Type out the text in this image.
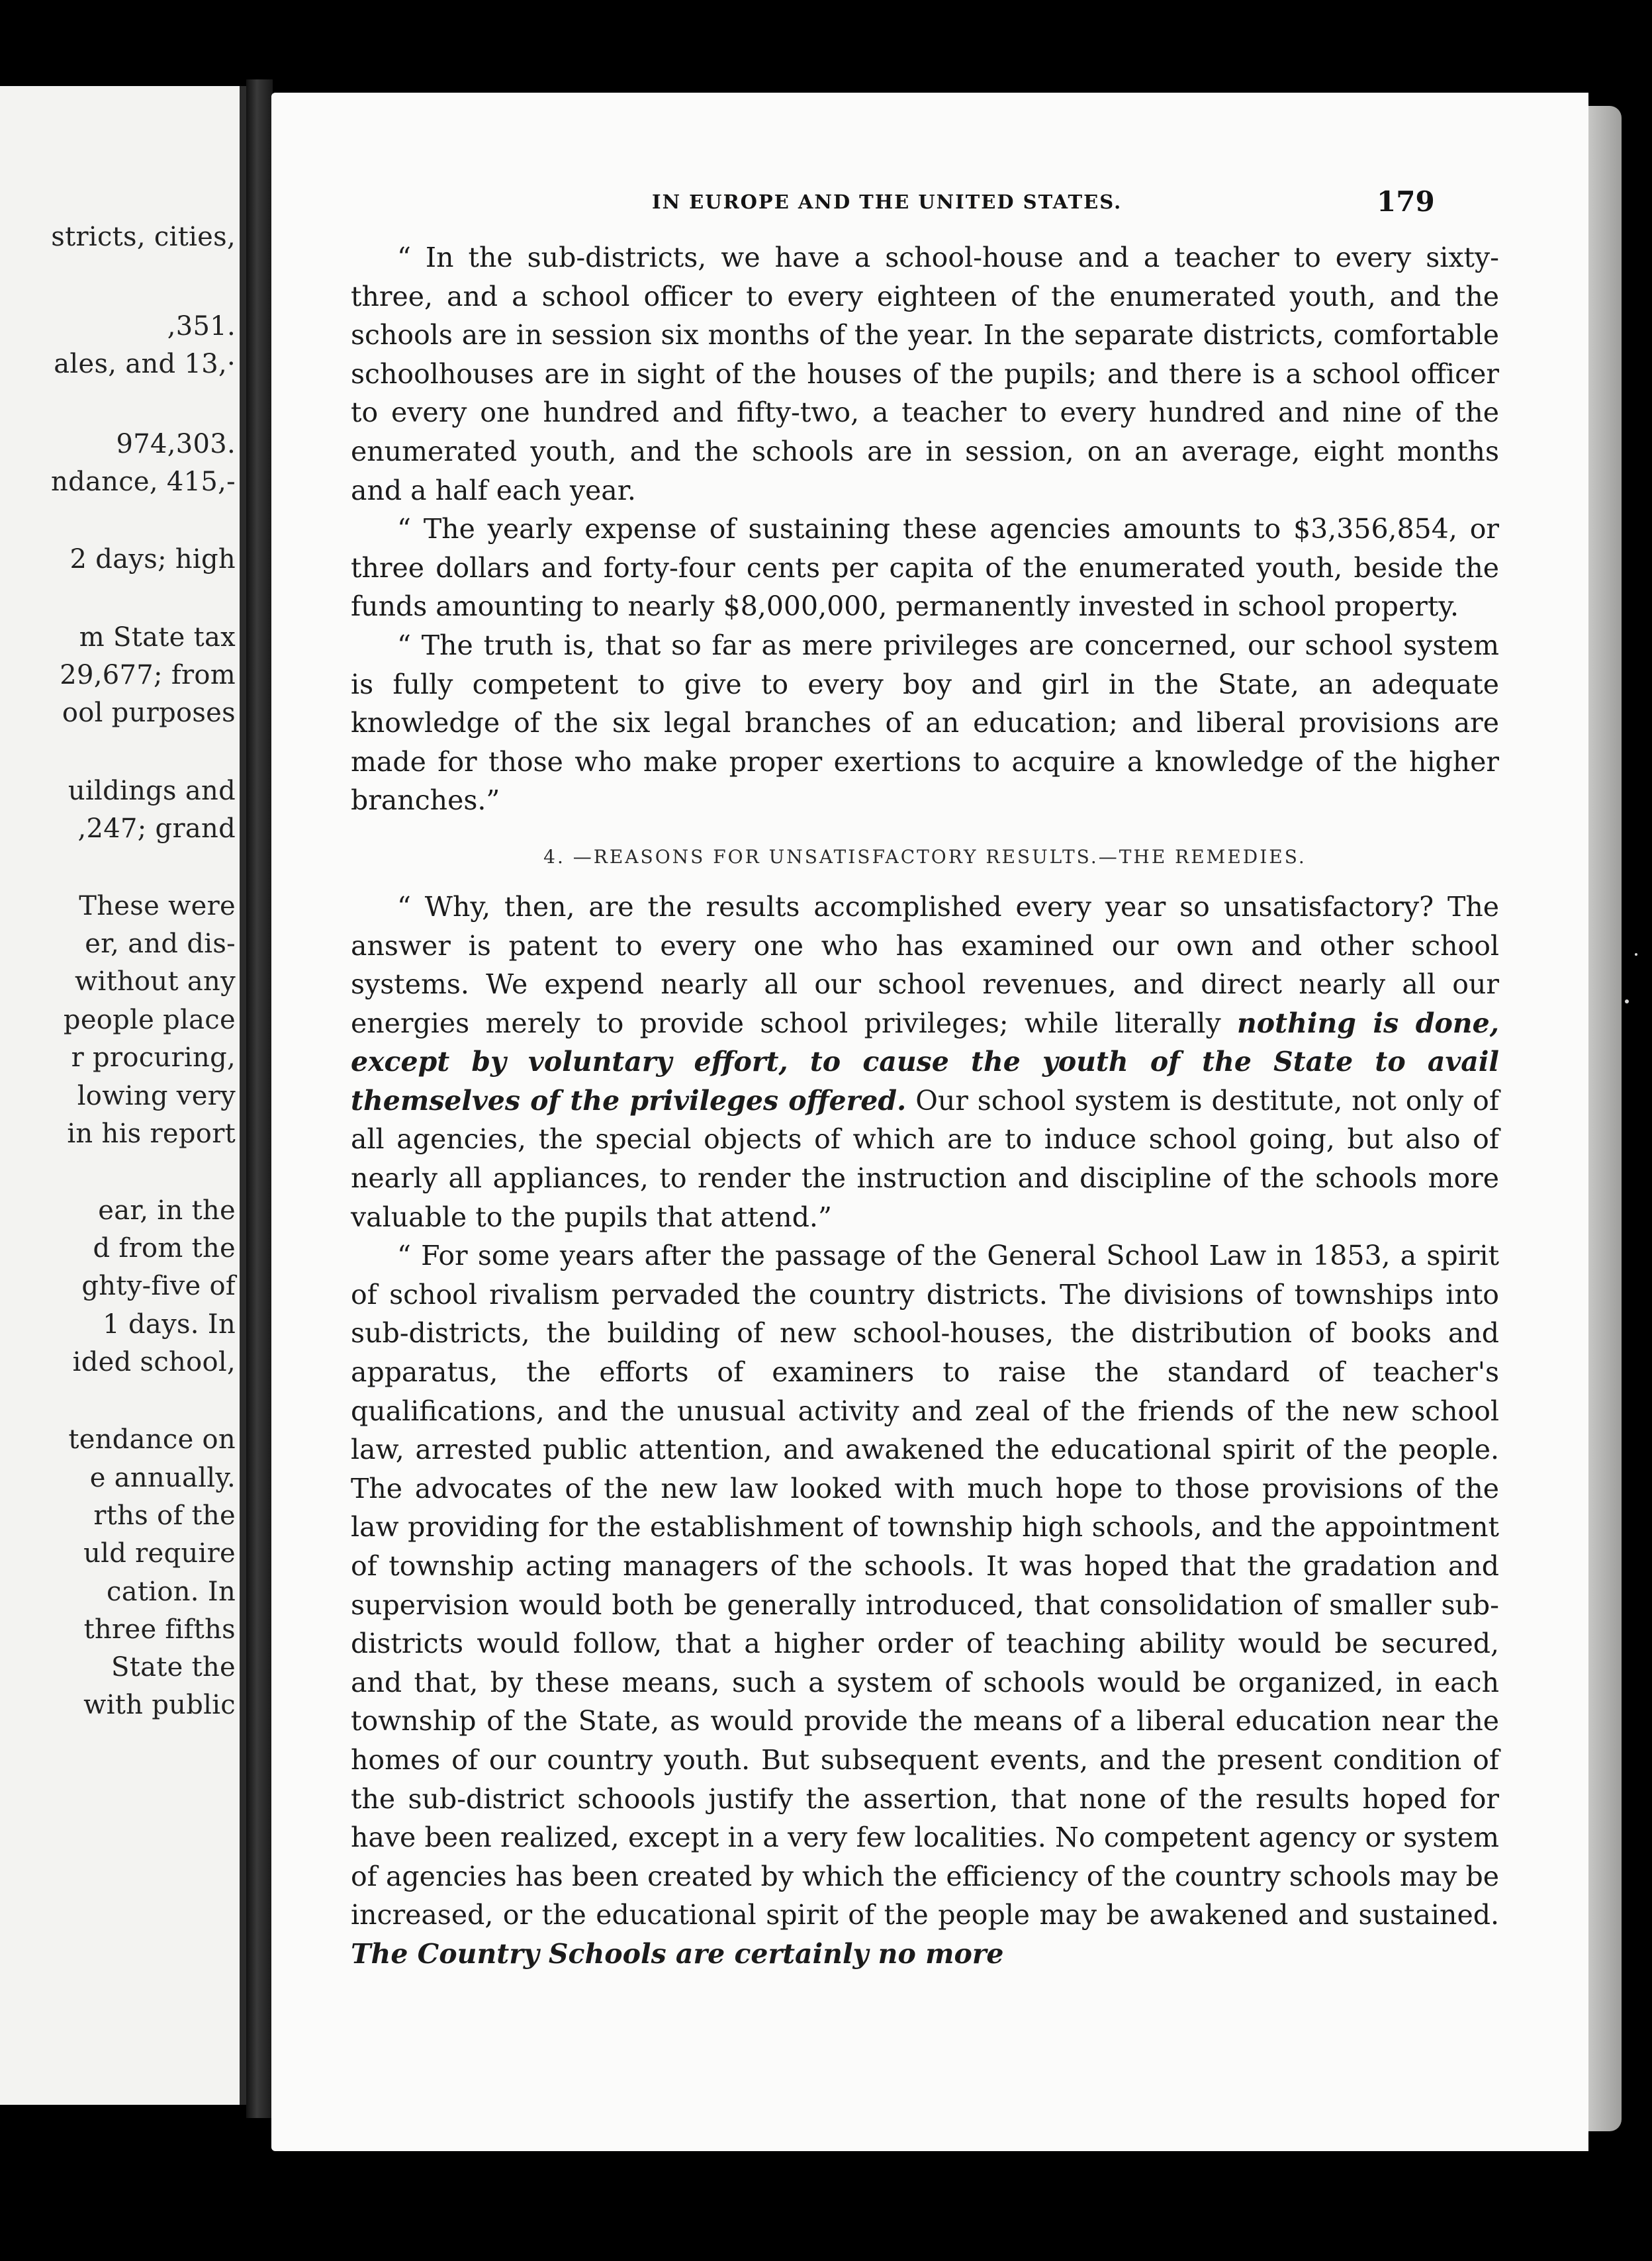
stricts, cities,
,351.
ales, and 13,·
974,303.
ndance, 415,-
2 days; high
m State tax
29,677; from
ool purposes
uildings and
,247; grand
These were
er, and dis-
without any
people place
r procuring,
lowing very
in his report
ear, in the
d from the
ghty-five of
1 days. In
ided school,
tendance on
e annually.
rths of the
uld require
cation. In
three fifths
State the
with public
IN EUROPE AND THE UNITED STATES.	179

“ In the sub-districts, we have a school-house and a teacher to every sixty-three, and a school officer to every eighteen of the enumerated youth, and the schools are in session six months of the year. In the separate districts, comfortable schoolhouses are in sight of the houses of the pupils; and there is a school officer to every one hundred and fifty-two, a teacher to every hundred and nine of the enumerated youth, and the schools are in session, on an average, eight months and a half each year.

“ The yearly expense of sustaining these agencies amounts to $3,356,854, or three dollars and forty-four cents per capita of the enumerated youth, beside the funds amounting to nearly $8,000,000, permanently invested in school property.

“ The truth is, that so far as mere privileges are concerned, our school system is fully competent to give to every boy and girl in the State, an adequate knowledge of the six legal branches of an education; and liberal provisions are made for those who make proper exertions to acquire a knowledge of the higher branches.”

4. —REASONS FOR UNSATISFACTORY RESULTS.—THE REMEDIES.

“ Why, then, are the results accomplished every year so unsatisfactory? The answer is patent to every one who has examined our own and other school systems. We expend nearly all our school revenues, and direct nearly all our energies merely to provide school privileges; while literally nothing is done, except by voluntary effort, to cause the youth of the State to avail themselves of the privileges offered. Our school system is destitute, not only of all agencies, the special objects of which are to induce school going, but also of nearly all appliances, to render the instruction and discipline of the schools more valuable to the pupils that attend.”

“ For some years after the passage of the General School Law in 1853, a spirit of school rivalism pervaded the country districts. The divisions of townships into sub-districts, the building of new school-houses, the distribution of books and apparatus, the efforts of examiners to raise the standard of teacher's qualifications, and the unusual activity and zeal of the friends of the new school law, arrested public attention, and awakened the educational spirit of the people. The advocates of the new law looked with much hope to those provisions of the law providing for the establishment of township high schools, and the appointment of township acting managers of the schools. It was hoped that the gradation and supervision would both be generally introduced, that consolidation of smaller sub-districts would follow, that a higher order of teaching ability would be secured, and that, by these means, such a system of schools would be organized, in each township of the State, as would provide the means of a liberal education near the homes of our country youth. But subsequent events, and the present condition of the sub-district schoools justify the assertion, that none of the results hoped for have been realized, except in a very few localities. No competent agency or system of agencies has been created by which the efficiency of the country schools may be increased, or the educational spirit of the people may be awakened and sustained. The Country Schools are certainly no more
